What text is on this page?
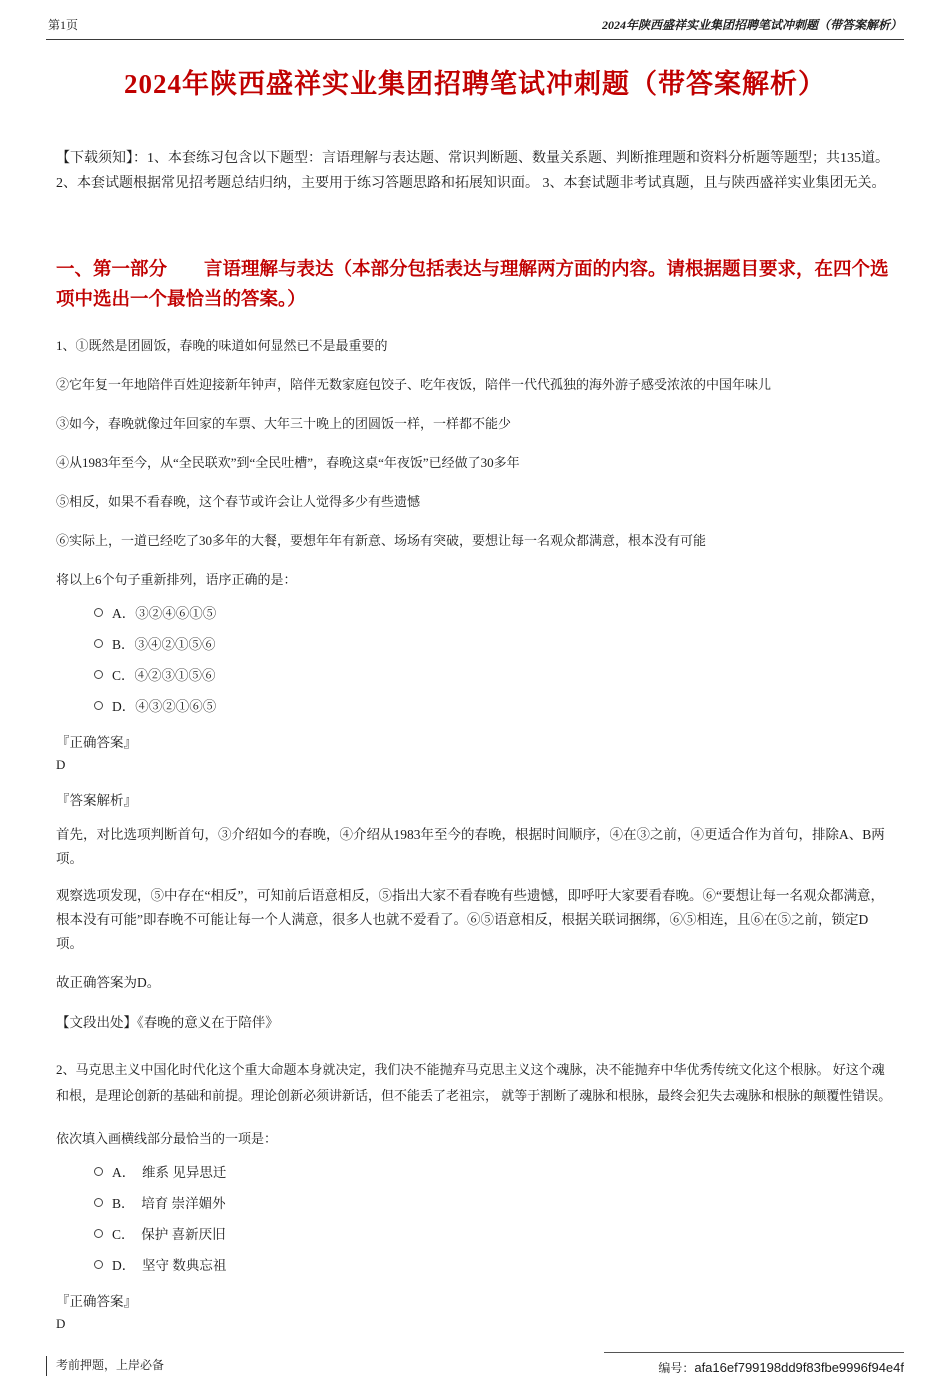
第1页	2024年陕西盛祥实业集团招聘笔试冲刺题（带答案解析）
2024年陕西盛祥实业集团招聘笔试冲刺题（带答案解析）

【下载须知】：1、本套练习包含以下题型：言语理解与表达题、常识判断题、数量关系题、判断推理题和资料分析题等题型；共135道。2、本套试题根据常见招考题总结归纳，主要用于练习答题思路和拓展知识面。 3、本套试题非考试真题，且与陕西盛祥实业集团无关。

一、第一部分　　言语理解与表达（本部分包括表达与理解两方面的内容。请根据题目要求，在四个选项中选出一个最恰当的答案。）

1、①既然是团圆饭，春晚的味道如何显然已不是最重要的

②它年复一年地陪伴百姓迎接新年钟声，陪伴无数家庭包饺子、吃年夜饭，陪伴一代代孤独的海外游子感受浓浓的中国年味儿

③如今，春晚就像过年回家的车票、大年三十晚上的团圆饭一样，一样都不能少

④从1983年至今，从“全民联欢”到“全民吐槽”，春晚这桌“年夜饭”已经做了30多年

⑤相反，如果不看春晚，这个春节或许会让人觉得多少有些遗憾

⑥实际上，一道已经吃了30多年的大餐，要想年年有新意、场场有突破，要想让每一名观众都满意，根本没有可能

将以上6个句子重新排列，语序正确的是：

A．③②④⑥①⑤
B．③④②①⑤⑥
C．④②③①⑤⑥
D．④③②①⑥⑤

『正确答案』

D

『答案解析』

首先，对比选项判断首句，③介绍如今的春晚，④介绍从1983年至今的春晚，根据时间顺序，④在③之前，④更适合作为首句，排除A、B两项。

观察选项发现，⑤中存在“相反”，可知前后语意相反，⑤指出大家不看春晚有些遗憾，即呼吁大家要看春晚。⑥“要想让每一名观众都满意，根本没有可能”即春晚不可能让每一个人满意，很多人也就不爱看了。⑥⑤语意相反，根据关联词捆绑，⑥⑤相连，且⑥在⑤之前，锁定D项。

故正确答案为D。

【文段出处】《春晚的意义在于陪伴》

2、马克思主义中国化时代化这个重大命题本身就决定，我们决不能抛弃马克思主义这个魂脉，决不能抛弃中华优秀传统文化这个根脉。 好这个魂和根，是理论创新的基础和前提。理论创新必须讲新话，但不能丢了老祖宗， 就等于割断了魂脉和根脉，最终会犯失去魂脉和根脉的颠覆性错误。

依次填入画横线部分最恰当的一项是：

A．　维系 见异思迁
B．　培育 崇洋媚外
C．　保护 喜新厌旧
D．　坚守 数典忘祖

『正确答案』

D

考前押题，上岸必备	编号：afa16ef799198dd9f83fbe9996f94e4f
